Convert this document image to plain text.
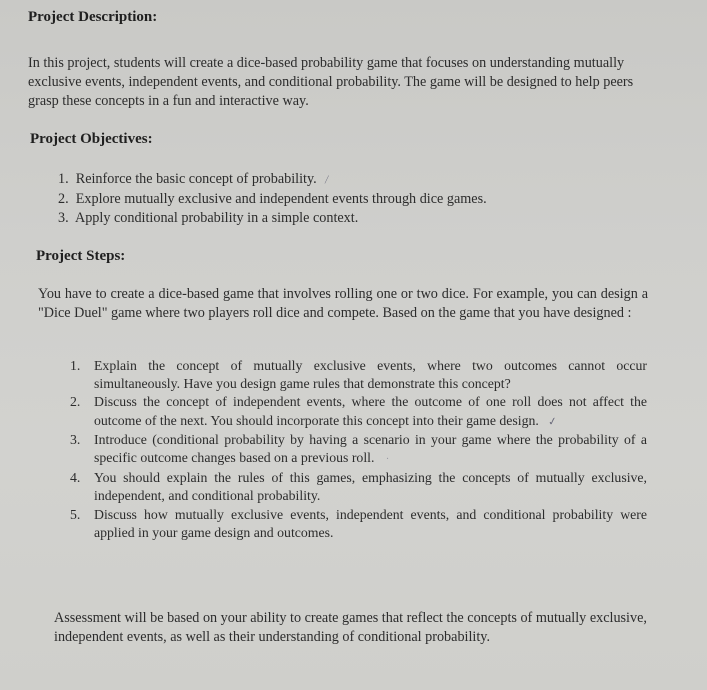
Project Description:
In this project, students will create a dice-based probability game that focuses on understanding mutually exclusive events, independent events, and conditional probability. The game will be designed to help peers grasp these concepts in a fun and interactive way.
Project Objectives:
1. Reinforce the basic concept of probability. ⁄
2. Explore mutually exclusive and independent events through dice games.
3. Apply conditional probability in a simple context.
Project Steps:
You have to create a dice-based game that involves rolling one or two dice. For example, you can design a "Dice Duel" game where two players roll dice and compete. Based on the game that you have designed :
1. Explain the concept of mutually exclusive events, where two outcomes cannot occur simultaneously. Have you design game rules that demonstrate this concept?
2. Discuss the concept of independent events, where the outcome of one roll does not affect the outcome of the next. You should incorporate this concept into their game design. ✓
3. Introduce (conditional probability by having a scenario in your game where the probability of a specific outcome changes based on a previous roll. ·
4. You should explain the rules of this games, emphasizing the concepts of mutually exclusive, independent, and conditional probability.
5. Discuss how mutually exclusive events, independent events, and conditional probability were applied in your game design and outcomes.
Assessment will be based on your ability to create games that reflect the concepts of mutually exclusive, independent events, as well as their understanding of conditional probability.
